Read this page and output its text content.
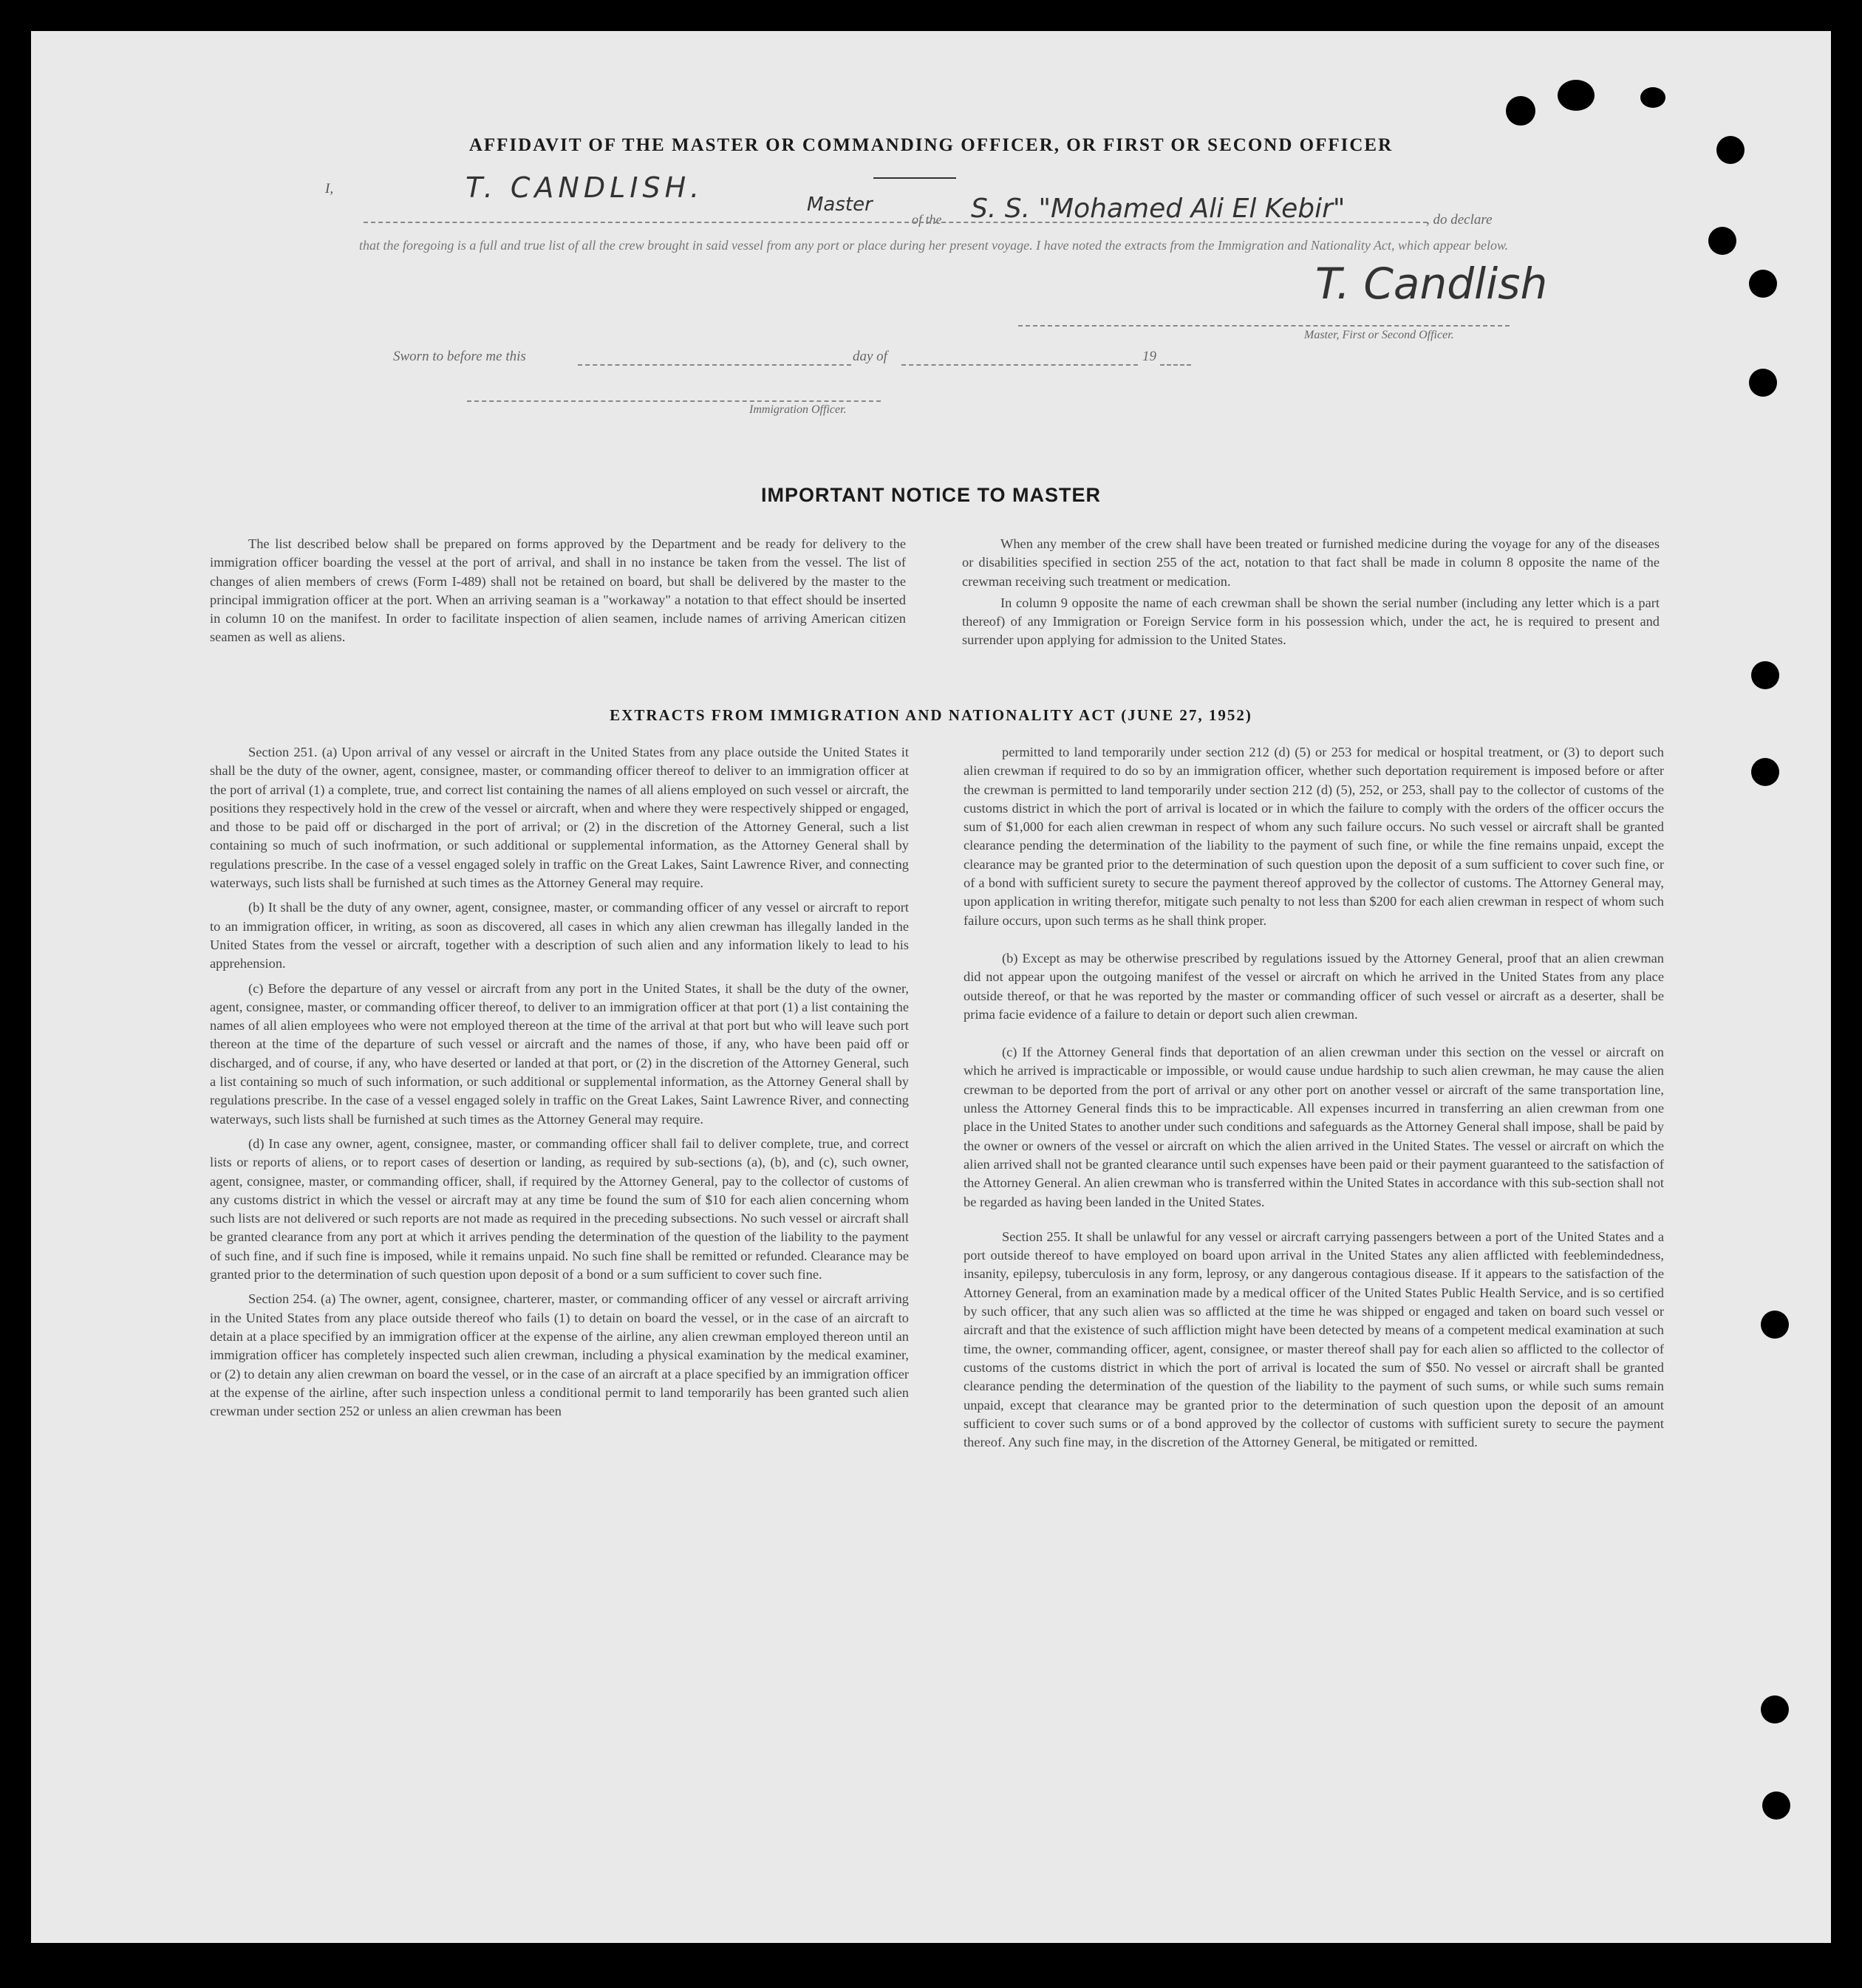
AFFIDAVIT OF THE MASTER OR COMMANDING OFFICER, OR FIRST OR SECOND OFFICER
I,	T. CANDLISH.
Master
of the S. S. "Mohamed Ali El Kebir"	, do declare
that the foregoing is a full and true list of all the crew brought in said vessel from any port or place during her present voyage. I have noted the extracts from the Immigration and Nationality Act, which appear below.
T. Candlish
Master, First or Second Officer.
Sworn to before me this	day of	19
Immigration Officer.
IMPORTANT NOTICE TO MASTER

The list described below shall be prepared on forms approved by the Department and be ready for delivery to the immigration officer boarding the vessel at the port of arrival, and shall in no instance be taken from the vessel. The list of changes of alien members of crews (Form I-489) shall not be retained on board, but shall be delivered by the master to the principal immigration officer at the port. When an arriving seaman is a "workaway" a notation to that effect should be inserted in column 10 on the manifest. In order to facilitate inspection of alien seamen, include names of arriving American citizen seamen as well as aliens.

When any member of the crew shall have been treated or furnished medicine during the voyage for any of the diseases or disabilities specified in section 255 of the act, notation to that fact shall be made in column 8 opposite the name of the crewman receiving such treatment or medication.

In column 9 opposite the name of each crewman shall be shown the serial number (including any letter which is a part thereof) of any Immigration or Foreign Service form in his possession which, under the act, he is required to present and surrender upon applying for admission to the United States.

EXTRACTS FROM IMMIGRATION AND NATIONALITY ACT (JUNE 27, 1952)

Section 251. (a) Upon arrival of any vessel or aircraft in the United States from any place outside the United States it shall be the duty of the owner, agent, consignee, master, or commanding officer thereof to deliver to an immigration officer at the port of arrival (1) a complete, true, and correct list containing the names of all aliens employed on such vessel or aircraft, the positions they respectively hold in the crew of the vessel or aircraft, when and where they were respectively shipped or engaged, and those to be paid off or discharged in the port of arrival; or (2) in the discretion of the Attorney General, such a list containing so much of such inofrmation, or such additional or supplemental information, as the Attorney General shall by regulations prescribe. In the case of a vessel engaged solely in traffic on the Great Lakes, Saint Lawrence River, and connecting waterways, such lists shall be furnished at such times as the Attorney General may require.

(b) It shall be the duty of any owner, agent, consignee, master, or commanding officer of any vessel or aircraft to report to an immigration officer, in writing, as soon as discovered, all cases in which any alien crewman has illegally landed in the United States from the vessel or aircraft, together with a description of such alien and any information likely to lead to his apprehension.

(c) Before the departure of any vessel or aircraft from any port in the United States, it shall be the duty of the owner, agent, consignee, master, or commanding officer thereof, to deliver to an immigration officer at that port (1) a list containing the names of all alien employees who were not employed thereon at the time of the arrival at that port but who will leave such port thereon at the time of the departure of such vessel or aircraft and the names of those, if any, who have been paid off or discharged, and of course, if any, who have deserted or landed at that port, or (2) in the discretion of the Attorney General, such a list containing so much of such information, or such additional or supplemental information, as the Attorney General shall by regulations prescribe. In the case of a vessel engaged solely in traffic on the Great Lakes, Saint Lawrence River, and connecting waterways, such lists shall be furnished at such times as the Attorney General may require.

(d) In case any owner, agent, consignee, master, or commanding officer shall fail to deliver complete, true, and correct lists or reports of aliens, or to report cases of desertion or landing, as required by sub-sections (a), (b), and (c), such owner, agent, consignee, master, or commanding officer, shall, if required by the Attorney General, pay to the collector of customs of any customs district in which the vessel or aircraft may at any time be found the sum of $10 for each alien concerning whom such lists are not delivered or such reports are not made as required in the preceding subsections. No such vessel or aircraft shall be granted clearance from any port at which it arrives pending the determination of the question of the liability to the payment of such fine, and if such fine is imposed, while it remains unpaid. No such fine shall be remitted or refunded. Clearance may be granted prior to the determination of such question upon deposit of a bond or a sum sufficient to cover such fine.

Section 254. (a) The owner, agent, consignee, charterer, master, or commanding officer of any vessel or aircraft arriving in the United States from any place outside thereof who fails (1) to detain on board the vessel, or in the case of an aircraft to detain at a place specified by an immigration officer at the expense of the airline, any alien crewman employed thereon until an immigration officer has completely inspected such alien crewman, including a physical examination by the medical examiner, or (2) to detain any alien crewman on board the vessel, or in the case of an aircraft at a place specified by an immigration officer at the expense of the airline, after such inspection unless a conditional permit to land temporarily has been granted such alien crewman under section 252 or unless an alien crewman has been

permitted to land temporarily under section 212 (d) (5) or 253 for medical or hospital treatment, or (3) to deport such alien crewman if required to do so by an immigration officer, whether such deportation requirement is imposed before or after the crewman is permitted to land temporarily under section 212 (d) (5), 252, or 253, shall pay to the collector of customs of the customs district in which the port of arrival is located or in which the failure to comply with the orders of the officer occurs the sum of $1,000 for each alien crewman in respect of whom any such failure occurs. No such vessel or aircraft shall be granted clearance pending the determination of the liability to the payment of such fine, or while the fine remains unpaid, except the clearance may be granted prior to the determination of such question upon the deposit of a sum sufficient to cover such fine, or of a bond with sufficient surety to secure the payment thereof approved by the collector of customs. The Attorney General may, upon application in writing therefor, mitigate such penalty to not less than $200 for each alien crewman in respect of whom such failure occurs, upon such terms as he shall think proper.

(b) Except as may be otherwise prescribed by regulations issued by the Attorney General, proof that an alien crewman did not appear upon the outgoing manifest of the vessel or aircraft on which he arrived in the United States from any place outside thereof, or that he was reported by the master or commanding officer of such vessel or aircraft as a deserter, shall be prima facie evidence of a failure to detain or deport such alien crewman.

(c) If the Attorney General finds that deportation of an alien crewman under this section on the vessel or aircraft on which he arrived is impracticable or impossible, or would cause undue hardship to such alien crewman, he may cause the alien crewman to be deported from the port of arrival or any other port on another vessel or aircraft of the same transportation line, unless the Attorney General finds this to be impracticable. All expenses incurred in transferring an alien crewman from one place in the United States to another under such conditions and safeguards as the Attorney General shall impose, shall be paid by the owner or owners of the vessel or aircraft on which the alien arrived in the United States. The vessel or aircraft on which the alien arrived shall not be granted clearance until such expenses have been paid or their payment guaranteed to the satisfaction of the Attorney General. An alien crewman who is transferred within the United States in accordance with this sub-section shall not be regarded as having been landed in the United States.

Section 255. It shall be unlawful for any vessel or aircraft carrying passengers between a port of the United States and a port outside thereof to have employed on board upon arrival in the United States any alien afflicted with feeblemindedness, insanity, epilepsy, tuberculosis in any form, leprosy, or any dangerous contagious disease. If it appears to the satisfaction of the Attorney General, from an examination made by a medical officer of the United States Public Health Service, and is so certified by such officer, that any such alien was so afflicted at the time he was shipped or engaged and taken on board such vessel or aircraft and that the existence of such affliction might have been detected by means of a competent medical examination at such time, the owner, commanding officer, agent, consignee, or master thereof shall pay for each alien so afflicted to the collector of customs of the customs district in which the port of arrival is located the sum of $50. No vessel or aircraft shall be granted clearance pending the determination of the question of the liability to the payment of such sums, or while such sums remain unpaid, except that clearance may be granted prior to the determination of such question upon the deposit of an amount sufficient to cover such sums or of a bond approved by the collector of customs with sufficient surety to secure the payment thereof. Any such fine may, in the discretion of the Attorney General, be mitigated or remitted.
